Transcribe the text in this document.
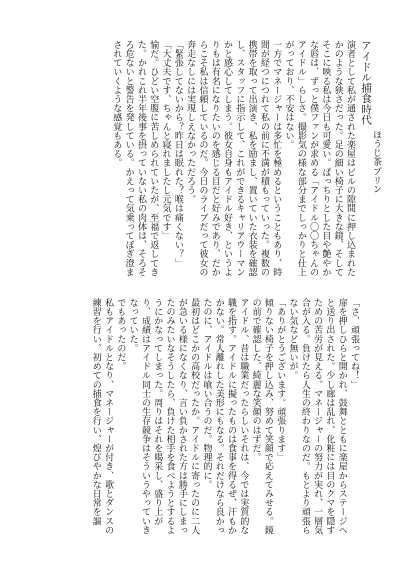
アイドル捕食時代
ほうじ茶プリン
演者として私が通された楽屋はビルの隙間に押し込まれたかのような狭さだった。足の細い椅子に大きな鏡、そしてそこに映る私は今日も可愛い。ぱっちりとした目や艶やかな唇は、ずっと僕ファンが求める「アイドル〇〇ちゃんのアイドル」らしさ。撮影気の様な部分までしっかりと仕上がっており、不安はない。
一方でマネージャーは多忙を極めるということもあり、時間が経つにつれて私の前に不満が積もっていった。複数の携帯を取って出演き、私を励まし、置いていた衣装を確認し、スタッフに指示して、これができるキャリアウーマンかと感心してしまう。彼女自身もアイドル好き、というよりもは有名になりたいのを感じる目だと好みであり、だからこそ私は信頼しているのだ。今日のライブだって彼女の奔走なしには実現しえなかっただろう。
「緊張してないから？昨日は眠れた？喉は痛くない？」
「大丈夫です、ちゃんと寝れましたし元気です」
愉だ。ひどい空腹に苦しめられていたが、至福で返してきた。かれこれ半年後事を摂っていない私の肉体は、そろそろ危ないと警告を発している。かえって気乗ってぼぎ澄まされていくような感覚もある。
「さ、頑張ってね！」
扉を押しひらと開かれ、鼓舞とともに楽屋からステージへと送り出された。少し廊は乱れ、化粧には目のクマを隠すための苦労が見える。マネージャーの努力が実れ、一層気合が入る。負けたら人生の終わりなのだ。もとより頑張らない気など無いが。
「ありがとうございます。頑張ります」
傾りない椅子を押し込み、努めて笑顔で応えてみせる。鏡の前で確認した、綺麗な笑顔のはずだ。
アイドル、昔は職業だったらしいそれは、今では実質的な職を指す。アイドルに擬ったものは食事を得るぜ、汗もかかない。常人離れした美形にもなる。それだけなら良かったのに、アイドルは喰い合うのだ。物理的に。
最初はどこかの高校だったか。アイドルに寄ったのに二人が急いる様になくなり、言い負かされた方は勝手にしまったのみたいなそうしたら、負けた相手を食べようとするようにかなってしまった。周りはそれを喝采し、盛り上がり、成績はアイドル同士の生存競争はそういうやっていきなっていた。
でもあったのだ。
私もアイドルとなり、マネージャーが付き、歌とダンスの練習を行い、初めての捕食を行い、煌びやかな日常を謳
